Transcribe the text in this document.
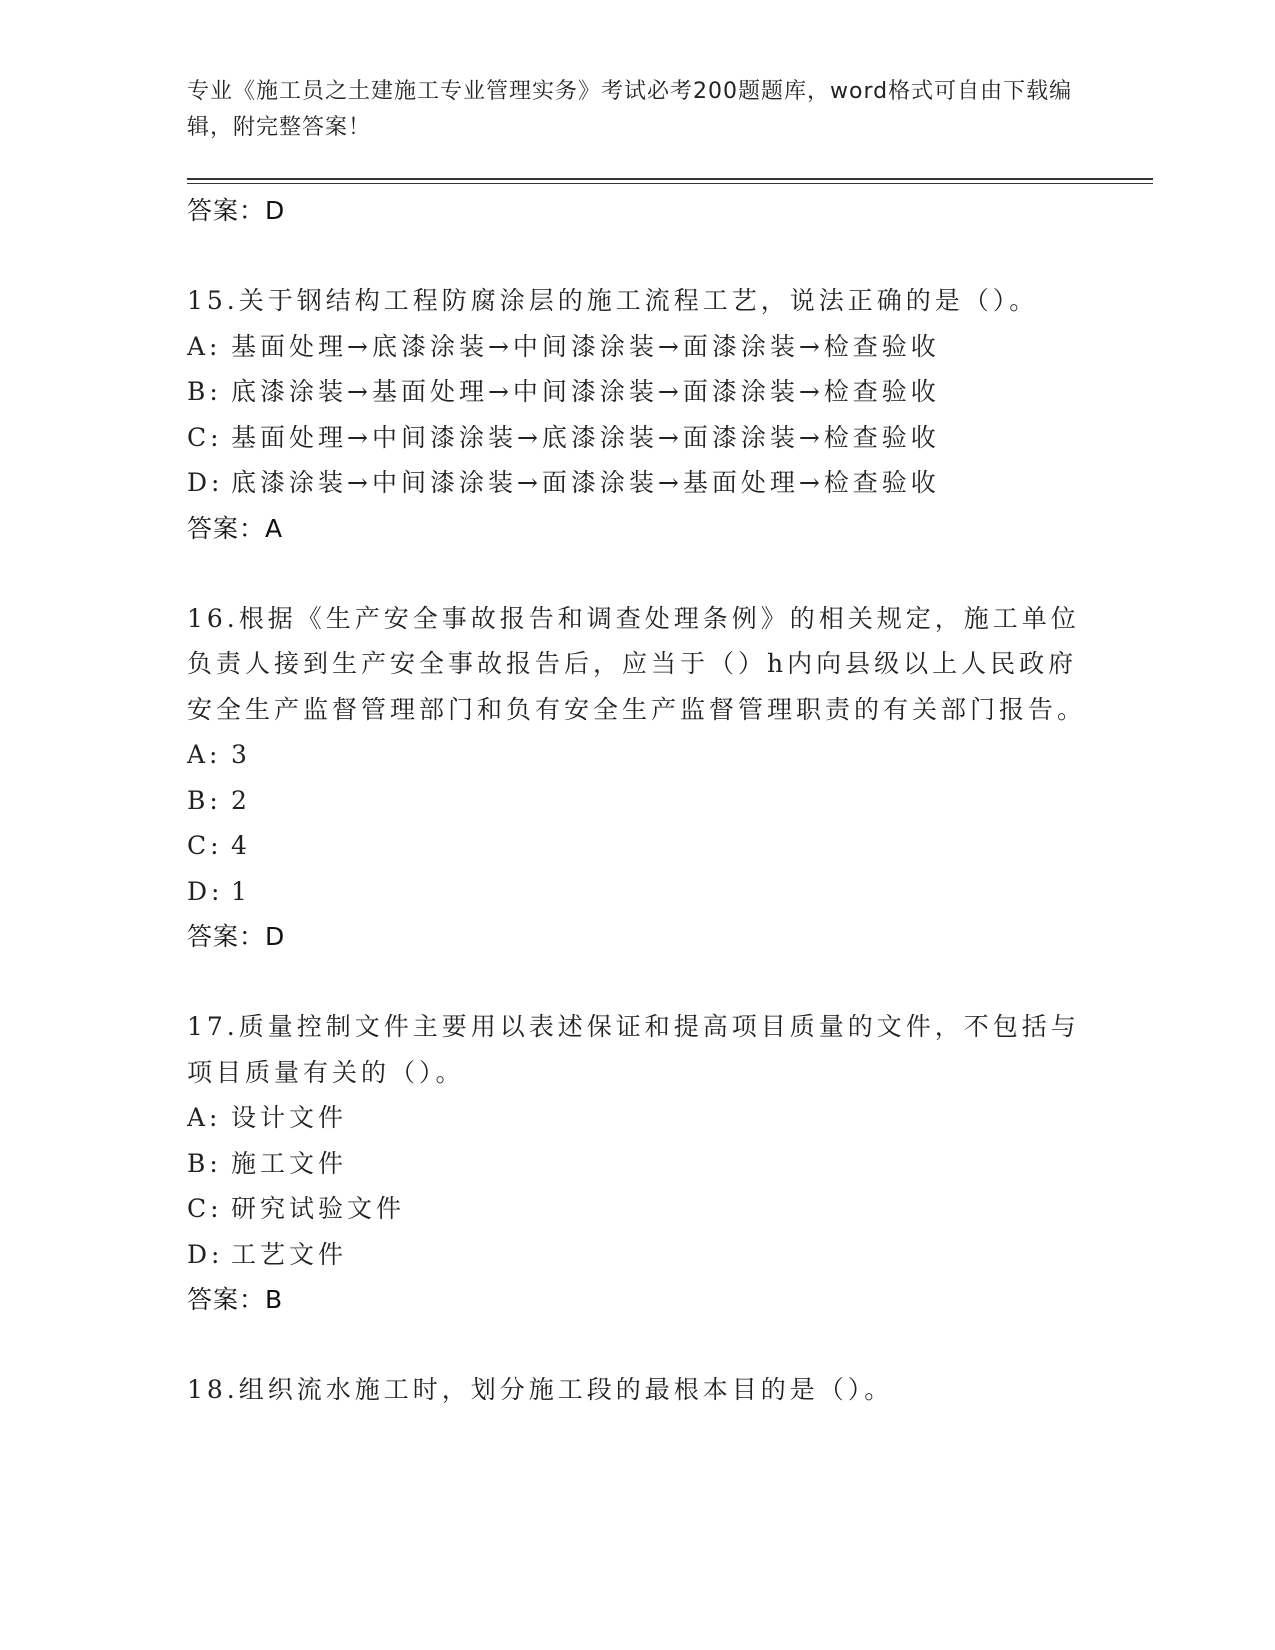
专业《施工员之土建施工专业管理实务》考试必考200题题库，word格式可自由下载编辑，附完整答案！
答案：D
15.关于钢结构工程防腐涂层的施工流程工艺，说法正确的是（）。
A: 基面处理→底漆涂装→中间漆涂装→面漆涂装→检查验收
B: 底漆涂装→基面处理→中间漆涂装→面漆涂装→检查验收
C: 基面处理→中间漆涂装→底漆涂装→面漆涂装→检查验收
D: 底漆涂装→中间漆涂装→面漆涂装→基面处理→检查验收
答案：A
16.根据《生产安全事故报告和调查处理条例》的相关规定，施工单位负责人接到生产安全事故报告后，应当于（）h内向县级以上人民政府安全生产监督管理部门和负有安全生产监督管理职责的有关部门报告。
A: 3
B: 2
C: 4
D: 1
答案：D
17.质量控制文件主要用以表述保证和提高项目质量的文件，不包括与项目质量有关的（）。
A: 设计文件
B: 施工文件
C: 研究试验文件
D: 工艺文件
答案：B
18.组织流水施工时，划分施工段的最根本目的是（）。
